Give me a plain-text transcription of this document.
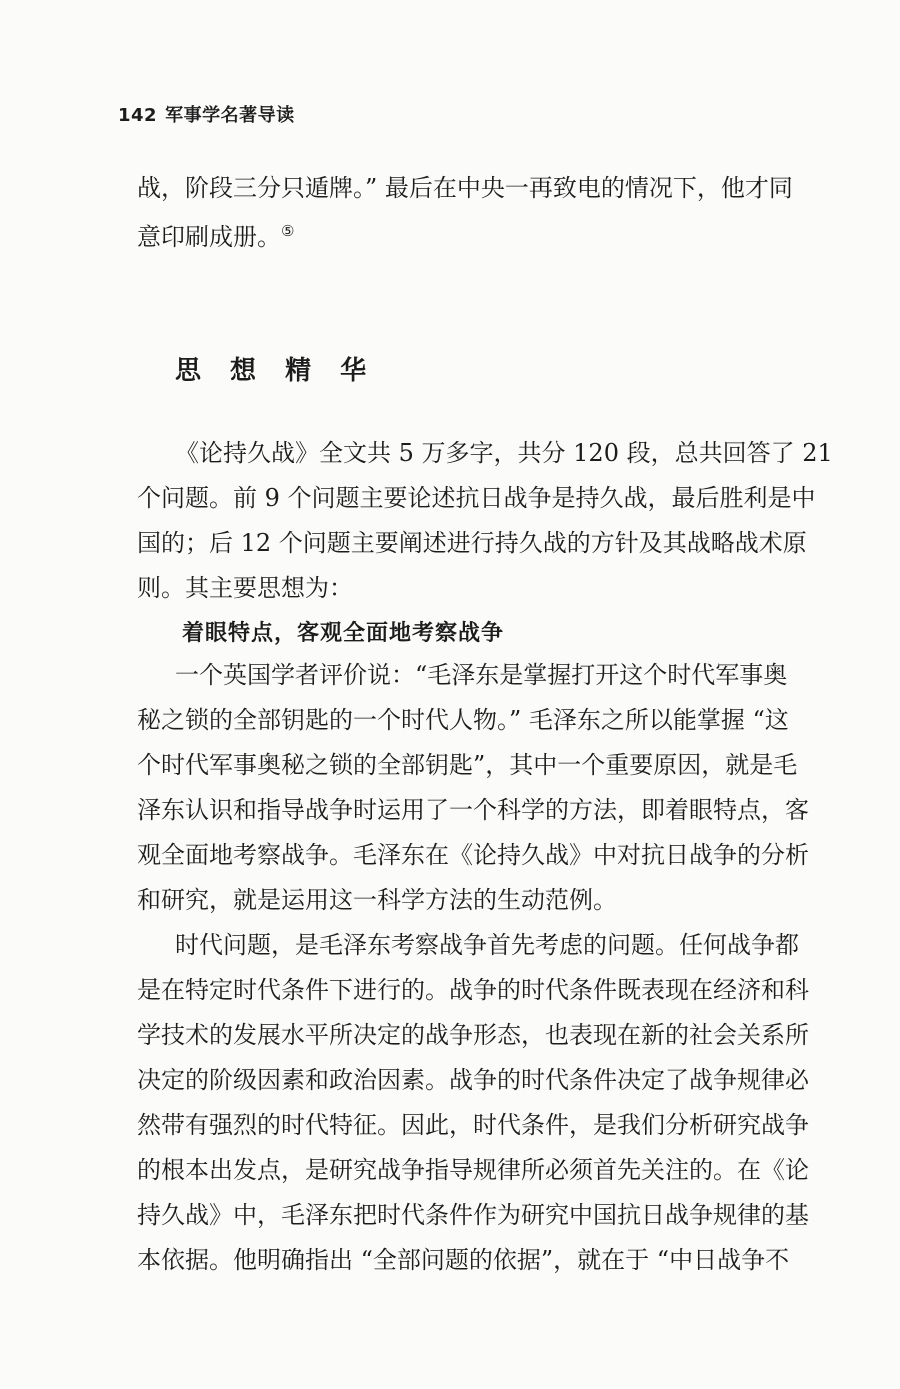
142 军事学名著导读
战，阶段三分只遁牌。” 最后在中央一再致电的情况下，他才同
意印刷成册。⑤
思 想 精 华
《论持久战》全文共 5 万多字，共分 120 段，总共回答了 21
个问题。前 9 个问题主要论述抗日战争是持久战，最后胜利是中
国的；后 12 个问题主要阐述进行持久战的方针及其战略战术原
则。其主要思想为：
着眼特点，客观全面地考察战争
一个英国学者评价说：“毛泽东是掌握打开这个时代军事奥
秘之锁的全部钥匙的一个时代人物。” 毛泽东之所以能掌握 “这
个时代军事奥秘之锁的全部钥匙”，其中一个重要原因，就是毛
泽东认识和指导战争时运用了一个科学的方法，即着眼特点，客
观全面地考察战争。毛泽东在《论持久战》中对抗日战争的分析
和研究，就是运用这一科学方法的生动范例。
时代问题，是毛泽东考察战争首先考虑的问题。任何战争都
是在特定时代条件下进行的。战争的时代条件既表现在经济和科
学技术的发展水平所决定的战争形态，也表现在新的社会关系所
决定的阶级因素和政治因素。战争的时代条件决定了战争规律必
然带有强烈的时代特征。因此，时代条件，是我们分析研究战争
的根本出发点，是研究战争指导规律所必须首先关注的。在《论
持久战》中，毛泽东把时代条件作为研究中国抗日战争规律的基
本依据。他明确指出 “全部问题的依据”，就在于 “中日战争不
